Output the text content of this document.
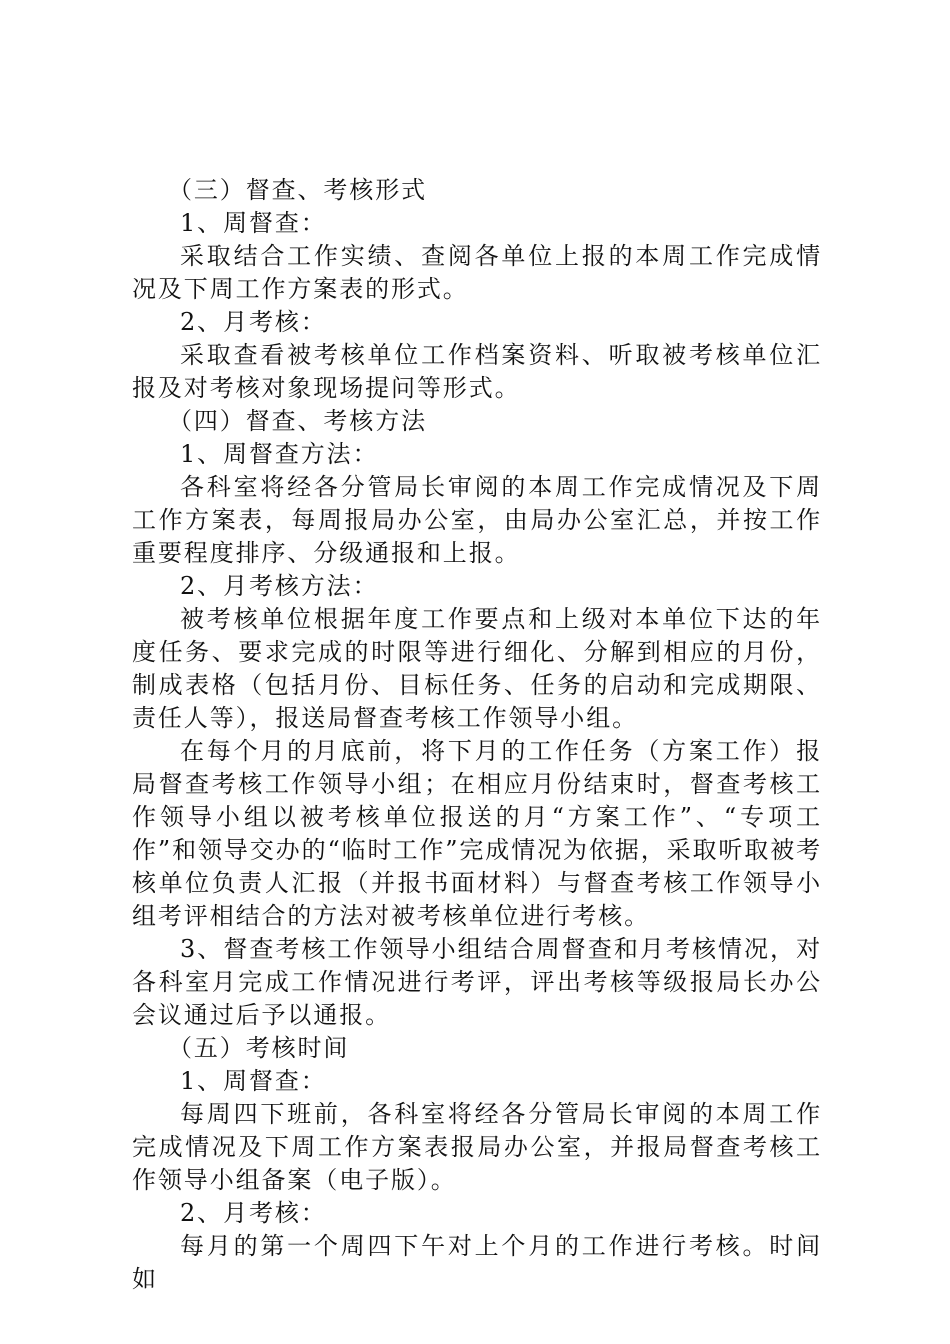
（三）督查、考核形式

1、周督查：

采取结合工作实绩、查阅各单位上报的本周工作完成情况及下周工作方案表的形式。

2、月考核：

采取查看被考核单位工作档案资料、听取被考核单位汇报及对考核对象现场提问等形式。

（四）督查、考核方法

1、周督查方法：

各科室将经各分管局长审阅的本周工作完成情况及下周工作方案表，每周报局办公室，由局办公室汇总，并按工作重要程度排序、分级通报和上报。

2、月考核方法：

被考核单位根据年度工作要点和上级对本单位下达的年度任务、要求完成的时限等进行细化、分解到相应的月份，制成表格（包括月份、目标任务、任务的启动和完成期限、责任人等），报送局督查考核工作领导小组。

在每个月的月底前，将下月的工作任务（方案工作）报局督查考核工作领导小组；在相应月份结束时，督查考核工作领导小组以被考核单位报送的月“方案工作”、“专项工作”和领导交办的“临时工作”完成情况为依据，采取听取被考核单位负责人汇报（并报书面材料）与督查考核工作领导小组考评相结合的方法对被考核单位进行考核。

3、督查考核工作领导小组结合周督查和月考核情况，对各科室月完成工作情况进行考评，评出考核等级报局长办公会议通过后予以通报。

（五）考核时间

1、周督查：

每周四下班前，各科室将经各分管局长审阅的本周工作完成情况及下周工作方案表报局办公室，并报局督查考核工作领导小组备案（电子版）。

2、月考核：

每月的第一个周四下午对上个月的工作进行考核。时间如
